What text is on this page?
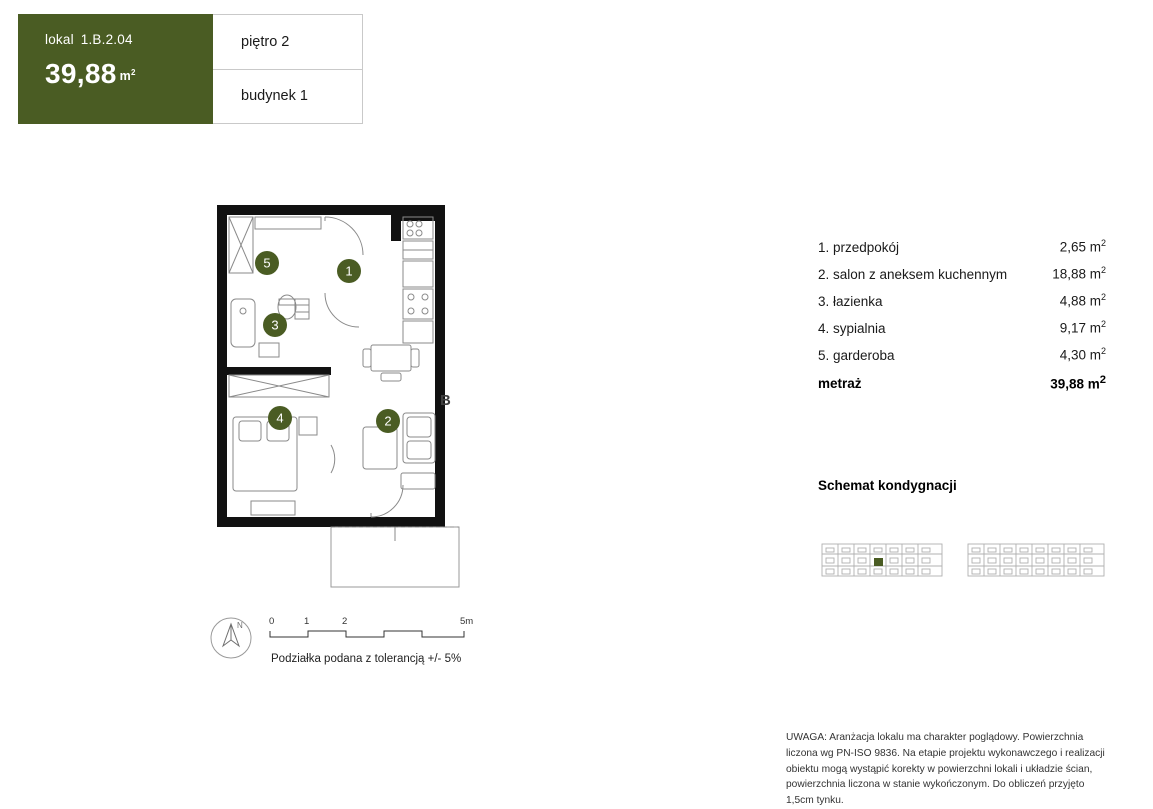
lokal 1.B.2.04
39,88 $^{m^2}$
piętro 2
budynek 1
B
5
1
3
4	2
N	0	1	2	5m
Podziałka podana z tolerancją +/- 5%
1. przedpokój	2,65 $m^2$
2. salon z aneksem kuchennym	18,88 $m^2$
3. łazienka	4,88 $m^2$
4. sypialnia	9,17 $m^2$
5. garderoba	4,30 $m^2$
metraż	39,88 $m^2$
Schemat kondygnacji
UWAGA: Aranżacja lokalu ma charakter poglądowy. Powierzchnia liczona wg PN-ISO 9836. Na etapie projektu wykonawczego i realizacji obiektu mogą wystąpić korekty w powierzchni lokali i układzie ścian, powierzchnia liczona w stanie wykończonym. Do obliczeń przyjęto 1,5cm tynku.
